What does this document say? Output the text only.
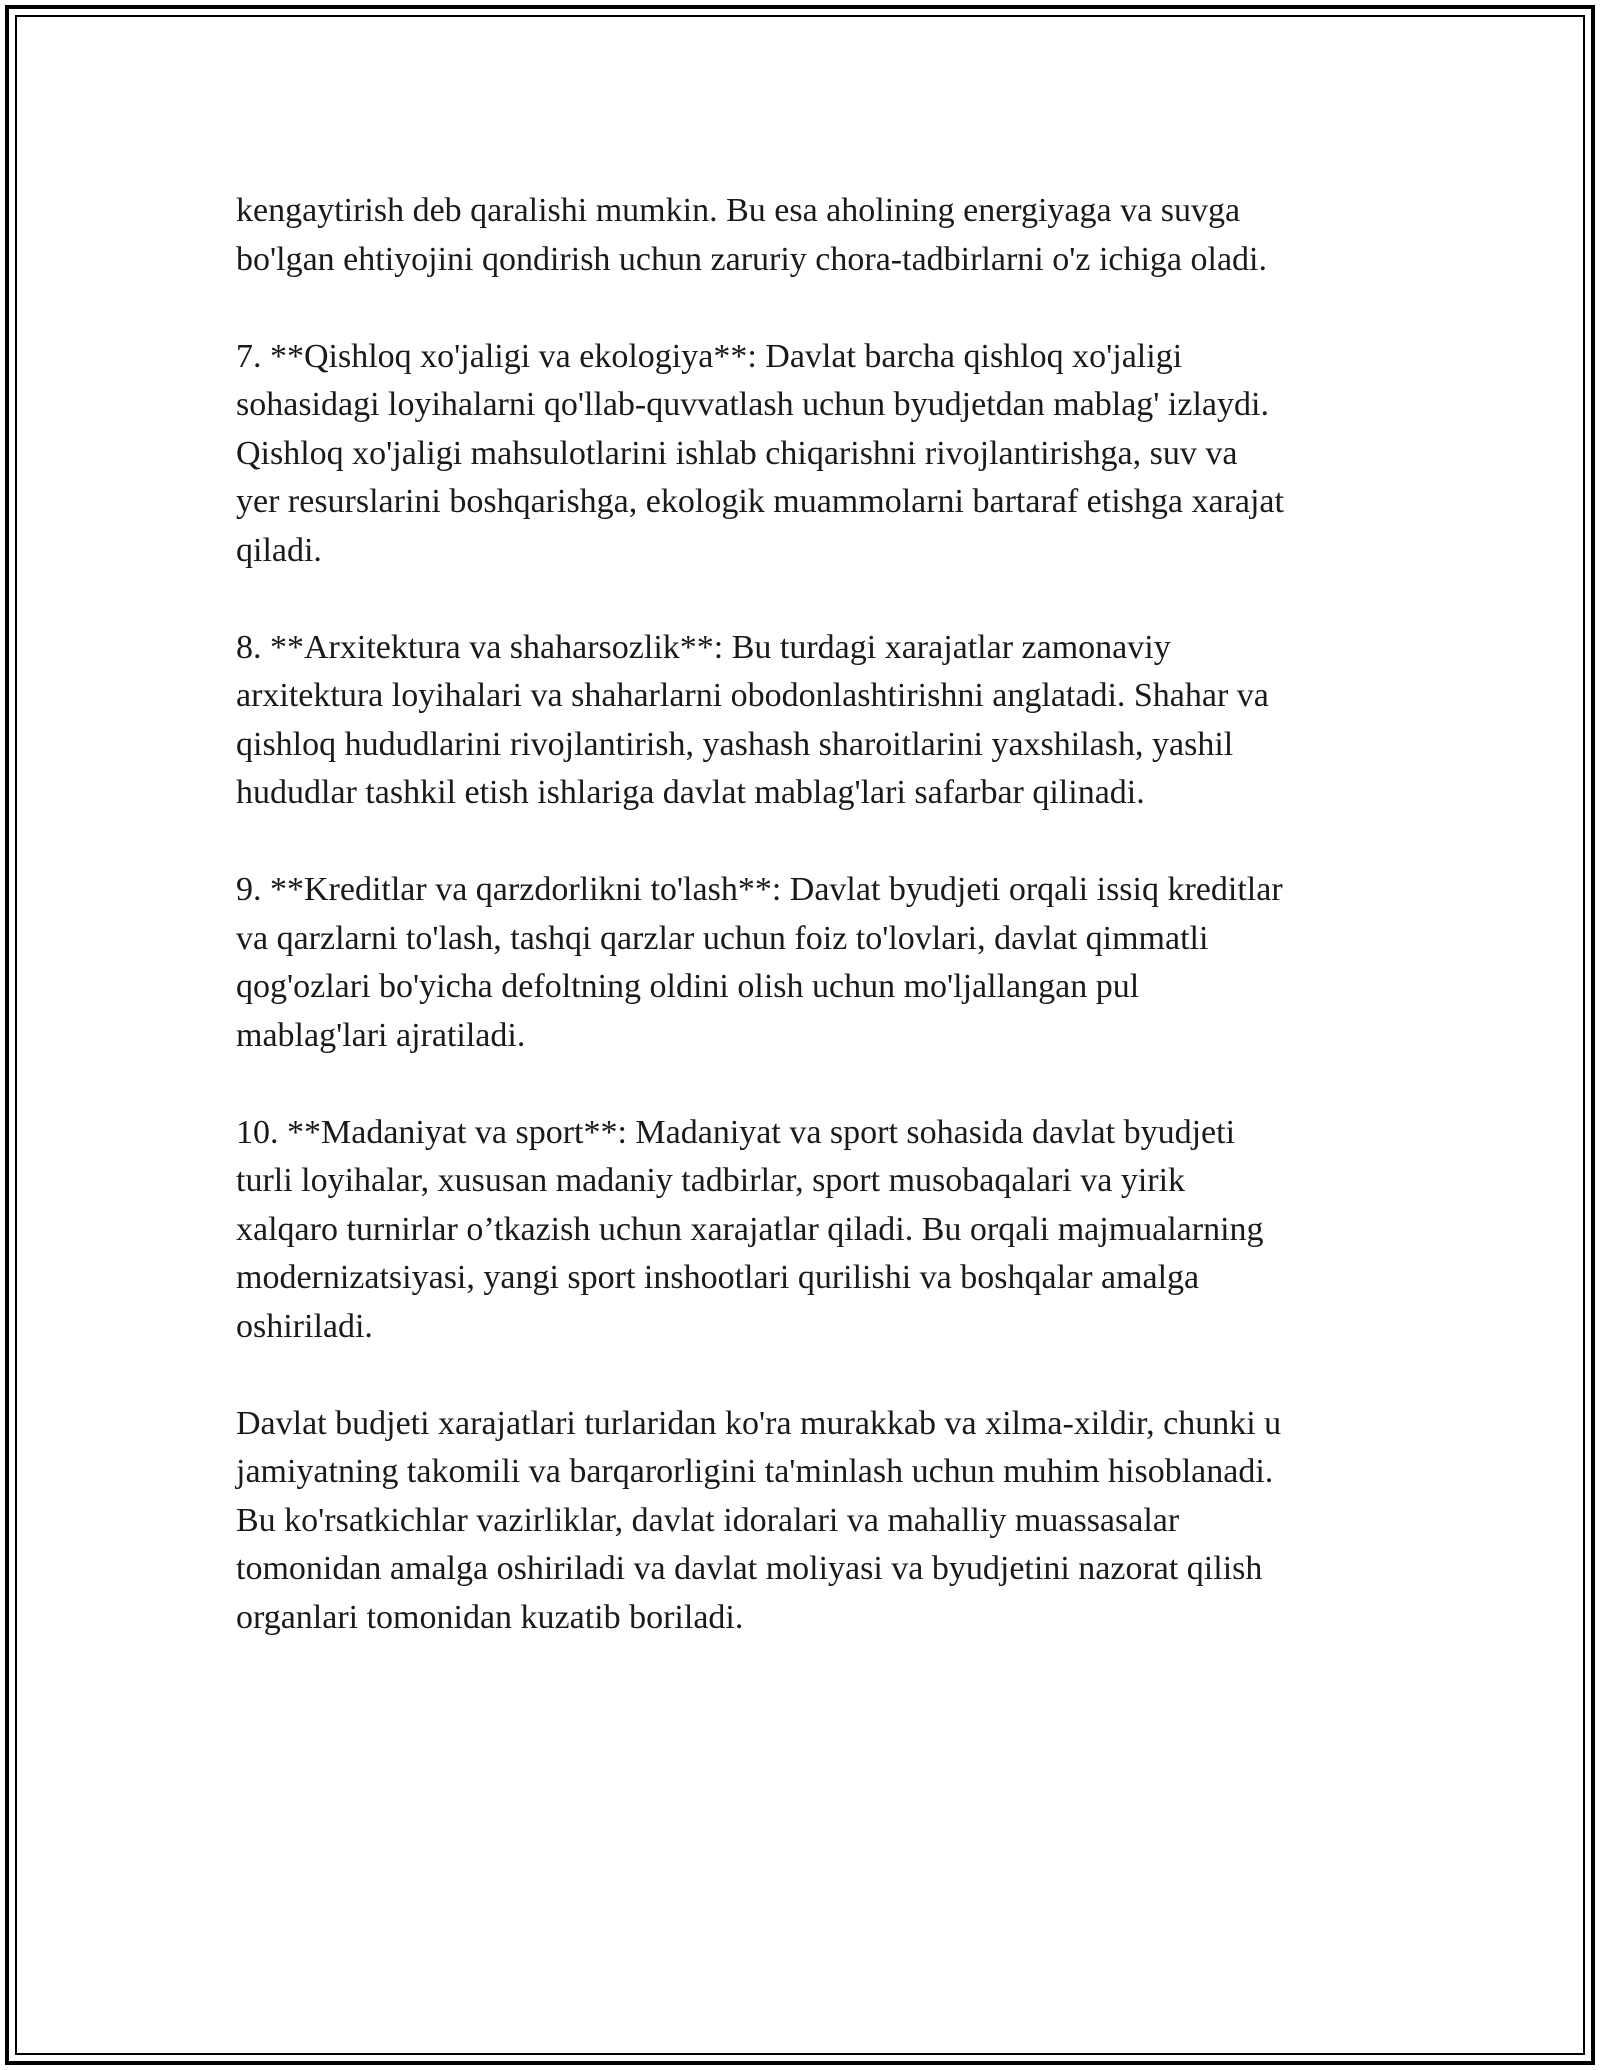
kengaytirish deb qaralishi mumkin. Bu esa aholining energiyaga va suvga
bo'lgan ehtiyojini qondirish uchun zaruriy chora-tadbirlarni o'z ichiga oladi.

7. **Qishloq xo'jaligi va ekologiya**: Davlat barcha qishloq xo'jaligi
sohasidagi loyihalarni qo'llab-quvvatlash uchun byudjetdan mablag' izlaydi.
Qishloq xo'jaligi mahsulotlarini ishlab chiqarishni rivojlantirishga, suv va
yer resurslarini boshqarishga, ekologik muammolarni bartaraf etishga xarajat
qiladi.

8. **Arxitektura va shaharsozlik**: Bu turdagi xarajatlar zamonaviy
arxitektura loyihalari va shaharlarni obodonlashtirishni anglatadi. Shahar va
qishloq hududlarini rivojlantirish, yashash sharoitlarini yaxshilash, yashil
hududlar tashkil etish ishlariga davlat mablag'lari safarbar qilinadi.

9. **Kreditlar va qarzdorlikni to'lash**: Davlat byudjeti orqali issiq kreditlar
va qarzlarni to'lash, tashqi qarzlar uchun foiz to'lovlari, davlat qimmatli
qog'ozlari bo'yicha defoltning oldini olish uchun mo'ljallangan pul
mablag'lari ajratiladi.

10. **Madaniyat va sport**: Madaniyat va sport sohasida davlat byudjeti
turli loyihalar, xususan madaniy tadbirlar, sport musobaqalari va yirik
xalqaro turnirlar o’tkazish uchun xarajatlar qiladi. Bu orqali majmualarning
modernizatsiyasi, yangi sport inshootlari qurilishi va boshqalar amalga
oshiriladi.

Davlat budjeti xarajatlari turlaridan ko'ra murakkab va xilma-xildir, chunki u
jamiyatning takomili va barqarorligini ta'minlash uchun muhim hisoblanadi.
Bu ko'rsatkichlar vazirliklar, davlat idoralari va mahalliy muassasalar
tomonidan amalga oshiriladi va davlat moliyasi va byudjetini nazorat qilish
organlari tomonidan kuzatib boriladi.
